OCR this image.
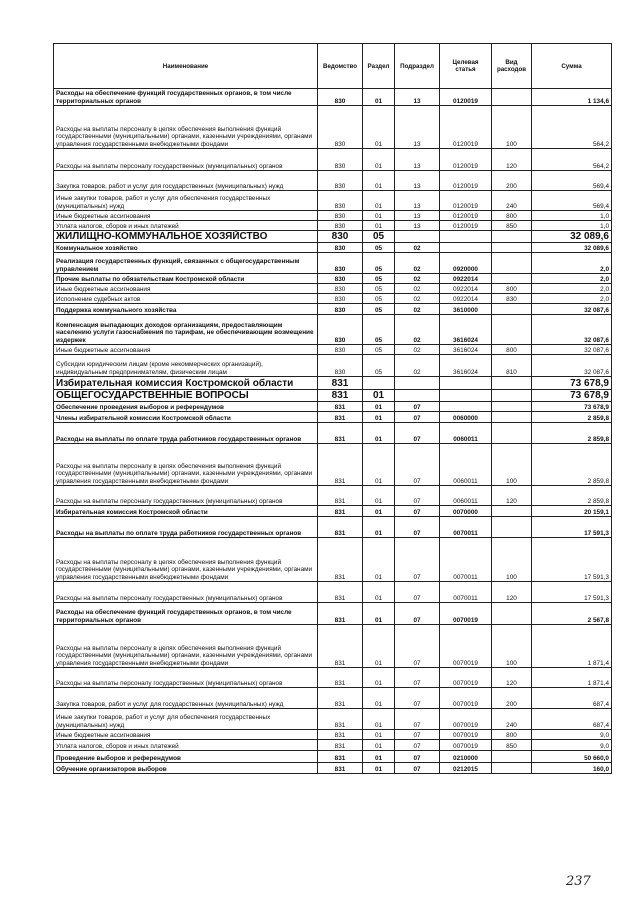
Наименование	Ведомство	Раздел	Подраздел	Целевая статья	Вид расходов	Сумма
Расходы на обеспечение функций государственных органов, в том числе территориальных органов	830	01	13	0120019		1 134,6
Расходы на выплаты персоналу в целях обеспечения выполнения функций государственными (муниципальными) органами, казенными учреждениями, органами управления государственными внебюджетными фондами	830	01	13	0120019	100	564,2
Расходы на выплаты персоналу государственных (муниципальных) органов	830	01	13	0120019	120	564,2
Закупка товаров, работ и услуг для государственных (муниципальных) нужд	830	01	13	0120019	200	569,4
Иные закупки товаров, работ и услуг для обеспечения государственных (муниципальных) нужд	830	01	13	0120019	240	569,4
Иные бюджетные ассигнования	830	01	13	0120019	800	1,0
Уплата налогов, сборов и иных платежей	830	01	13	0120019	850	1,0
ЖИЛИЩНО-КОММУНАЛЬНОЕ ХОЗЯЙСТВО	830	05				32 089,6
Коммунальное хозяйство	830	05	02			32 089,6
Реализация государственных функций, связанных с общегосударственным управлением	830	05	02	0920000		2,0
Прочие выплаты по обязательствам Костромской области	830	05	02	0922014		2,0
Иные бюджетные ассигнования	830	05	02	0922014	800	2,0
Исполнение судебных актов	830	05	02	0922014	830	2,0
Поддержка коммунального хозяйства	830	05	02	3610000		32 087,6
Компенсация выпадающих доходов организациям, предоставляющим населению услуги газоснабжения по тарифам, не обеспечивающим возмещение издержек	830	05	02	3616024		32 087,6
Иные бюджетные ассигнования	830	05	02	3616024	800	32 087,6
Субсидии юридическим лицам (кроме некоммерческих организаций), индивидуальным предпринимателям, физическим лицам	830	05	02	3616024	810	32 087,6
Избирательная комиссия Костромской области	831					73 678,9
ОБЩЕГОСУДАРСТВЕННЫЕ ВОПРОСЫ	831	01				73 678,9
Обеспечение проведения выборов и референдумов	831	01	07			73 678,9
Члены избирательной комиссии Костромской области	831	01	07	0060000		2 859,8
Расходы на выплаты по оплате труда работников государственных органов	831	01	07	0060011		2 859,8
Расходы на выплаты персоналу в целях обеспечения выполнения функций государственными (муниципальными) органами, казенными учреждениями, органами управления государственными внебюджетными фондами	831	01	07	0060011	100	2 859,8
Расходы на выплаты персоналу государственных (муниципальных) органов	831	01	07	0060011	120	2 859,8
Избирательная комиссия Костромской области	831	01	07	0070000		20 159,1
Расходы на выплаты по оплате труда работников государственных органов	831	01	07	0070011		17 591,3
Расходы на выплаты персоналу в целях обеспечения выполнения функций государственными (муниципальными) органами, казенными учреждениями, органами управления государственными внебюджетными фондами	831	01	07	0070011	100	17 591,3
Расходы на выплаты персоналу государственных (муниципальных) органов	831	01	07	0070011	120	17 591,3
Расходы на обеспечение функций государственных органов, в том числе территориальных органов	831	01	07	0070019		2 567,8
Расходы на выплаты персоналу в целях обеспечения выполнения функций государственными (муниципальными) органами, казенными учреждениями, органами управления государственными внебюджетными фондами	831	01	07	0070019	100	1 871,4
Расходы на выплаты персоналу государственных (муниципальных) органов	831	01	07	0070019	120	1 871,4
Закупка товаров, работ и услуг для государственных (муниципальных) нужд	831	01	07	0070019	200	687,4
Иные закупки товаров, работ и услуг для обеспечения государственных (муниципальных) нужд	831	01	07	0070019	240	687,4
Иные бюджетные ассигнования	831	01	07	0070019	800	9,0
Уплата налогов, сборов и иных платежей	831	01	07	0070019	850	9,0
Проведение выборов и референдумов	831	01	07	0210000		50 660,0
Обучение организаторов выборов	831	01	07	0212015		160,0
237
